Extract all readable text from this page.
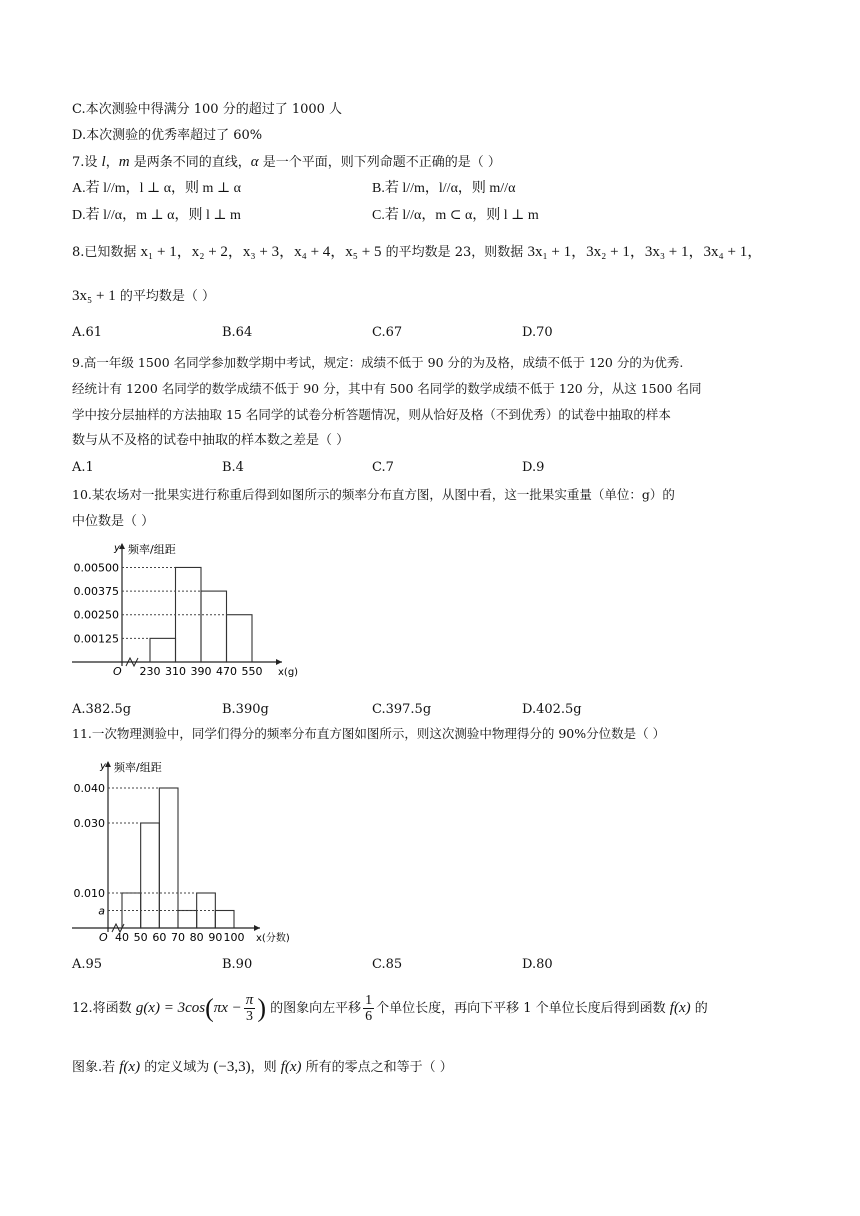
C.本次测验中得满分 100 分的超过了 1000 人
D.本次测验的优秀率超过了 60%
7.设 l，m 是两条不同的直线，α 是一个平面，则下列命题不正确的是（ ）
A.若 l//m，l ⊥ α，则 m ⊥ α	B.若 l//m，l//α，则 m//α
D.若 l//α，m ⊥ α，则 l ⊥ m	C.若 l//α，m ⊂ α，则 l ⊥ m
8.已知数据 x₁ + 1，x₂ + 2，x₃ + 3，x₄ + 4，x₅ + 5 的平均数是 23，则数据 3x₁ + 1，3x₂ + 1，3x₃ + 1，3x₄ + 1，
3x₅ + 1 的平均数是（ ）
A.61	B.64	C.67	D.70
9.高一年级 1500 名同学参加数学期中考试，规定：成绩不低于 90 分的为及格，成绩不低于 120 分的为优秀.
经统计有 1200 名同学的数学成绩不低于 90 分，其中有 500 名同学的数学成绩不低于 120 分，从这 1500 名同
学中按分层抽样的方法抽取 15 名同学的试卷分析答题情况，则从恰好及格（不到优秀）的试卷中抽取的样本
数与从不及格的试卷中抽取的样本数之差是（ ）
A.1	B.4	C.7	D.9
10.某农场对一批果实进行称重后得到如图所示的频率分布直方图，从图中看，这一批果实重量（单位：g）的
中位数是（ ）
O
y 频率/组距
0.00125
0.00250
0.00375
0.00500
230 310 390 470 550 x(g)
A.382.5g	B.390g	C.397.5g	D.402.5g
11.一次物理测验中，同学们得分的频率分布直方图如图所示，则这次测验中物理得分的 90%分位数是（ ）
O
y 频率/组距
a
0.010
0.030
0.040
40 50 60 70 80 90 100 x(分数)
A.95	B.90	C.85	D.80
12.将函数 $g(x) = 3\cos(\pi x - \frac{\pi}{3}$ ) 的图象向左平移 $\frac{1}{6}$ 个单位长度，再向下平移 1 个单位长度后得到函数 f(x) 的
图象.若 f(x) 的定义域为 (−3,3)，则 f(x) 所有的零点之和等于（ ）
